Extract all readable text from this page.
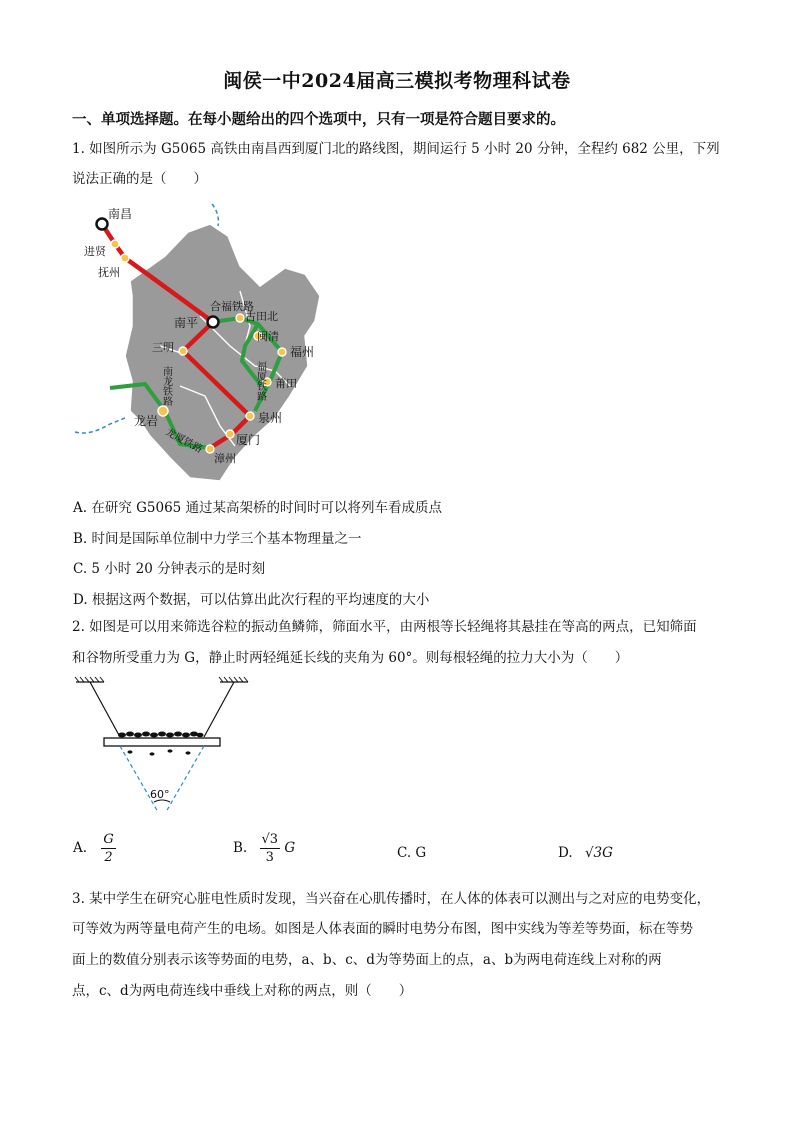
闽侯一中2024届高三模拟考物理科试卷
一、单项选择题。在每小题给出的四个选项中，只有一项是符合题目要求的。
1. 如图所示为 G5065 高铁由南昌西到厦门北的路线图，期间运行 5 小时 20 分钟，全程约 682 公里，下列
说法正确的是（　　）
南昌
进贤
抚州
合福铁路
南平	古田北
闽清
福州
三明
南龙铁路	福厦铁路 莆田
泉州
龙岩
龙厦铁路	厦门
漳州
A. 在研究 G5065 通过某高架桥的时间时可以将列车看成质点
B. 时间是国际单位制中力学三个基本物理量之一
C. 5 小时 20 分钟表示的是时刻
D. 根据这两个数据，可以估算出此次行程的平均速度的大小
2. 如图是可以用来筛选谷粒的振动鱼鳞筛，筛面水平，由两根等长轻绳将其悬挂在等高的两点，已知筛面
和谷物所受重力为 G，静止时两轻绳延长线的夹角为 60°。则每根轻绳的拉力大小为（　　）
60°
A. $\frac{G}{2}$	B. $\frac{√3}{3}$ G	C. G	D. √3G
3. 某中学生在研究心脏电性质时发现，当兴奋在心肌传播时，在人体的体表可以测出与之对应的电势变化，
可等效为两等量电荷产生的电场。如图是人体表面的瞬时电势分布图，图中实线为等差等势面，标在等势
面上的数值分别表示该等势面的电势，a、b、c、d为等势面上的点，a、b为两电荷连线上对称的两
点，c、d为两电荷连线中垂线上对称的两点，则（　　）
